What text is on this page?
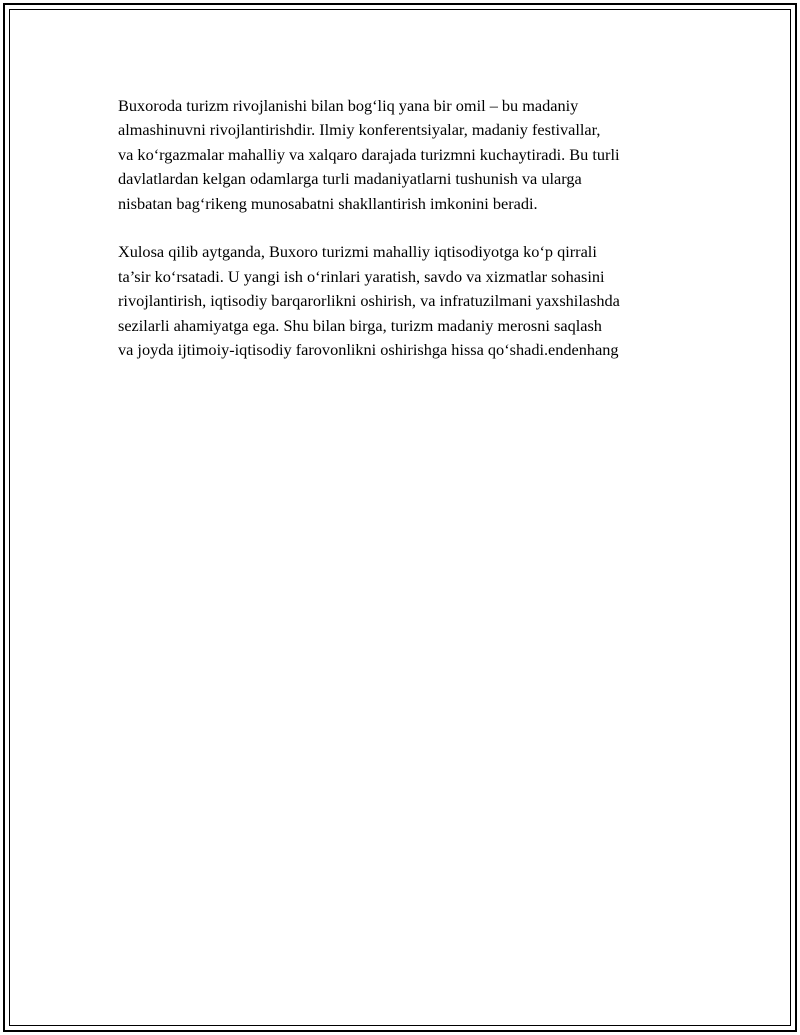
Buxoroda turizm rivojlanishi bilan bog‘liq yana bir omil – bu madaniy
almashinuvni rivojlantirishdir. Ilmiy konferentsiyalar, madaniy festivallar,
va ko‘rgazmalar mahalliy va xalqaro darajada turizmni kuchaytiradi. Bu turli
davlatlardan kelgan odamlarga turli madaniyatlarni tushunish va ularga
nisbatan bag‘rikeng munosabatni shakllantirish imkonini beradi.

Xulosa qilib aytganda, Buxoro turizmi mahalliy iqtisodiyotga ko‘p qirrali
ta’sir ko‘rsatadi. U yangi ish o‘rinlari yaratish, savdo va xizmatlar sohasini
rivojlantirish, iqtisodiy barqarorlikni oshirish, va infratuzilmani yaxshilashda
sezilarli ahamiyatga ega. Shu bilan birga, turizm madaniy merosni saqlash
va joyda ijtimoiy-iqtisodiy farovonlikni oshirishga hissa qo‘shadi.endenhang
